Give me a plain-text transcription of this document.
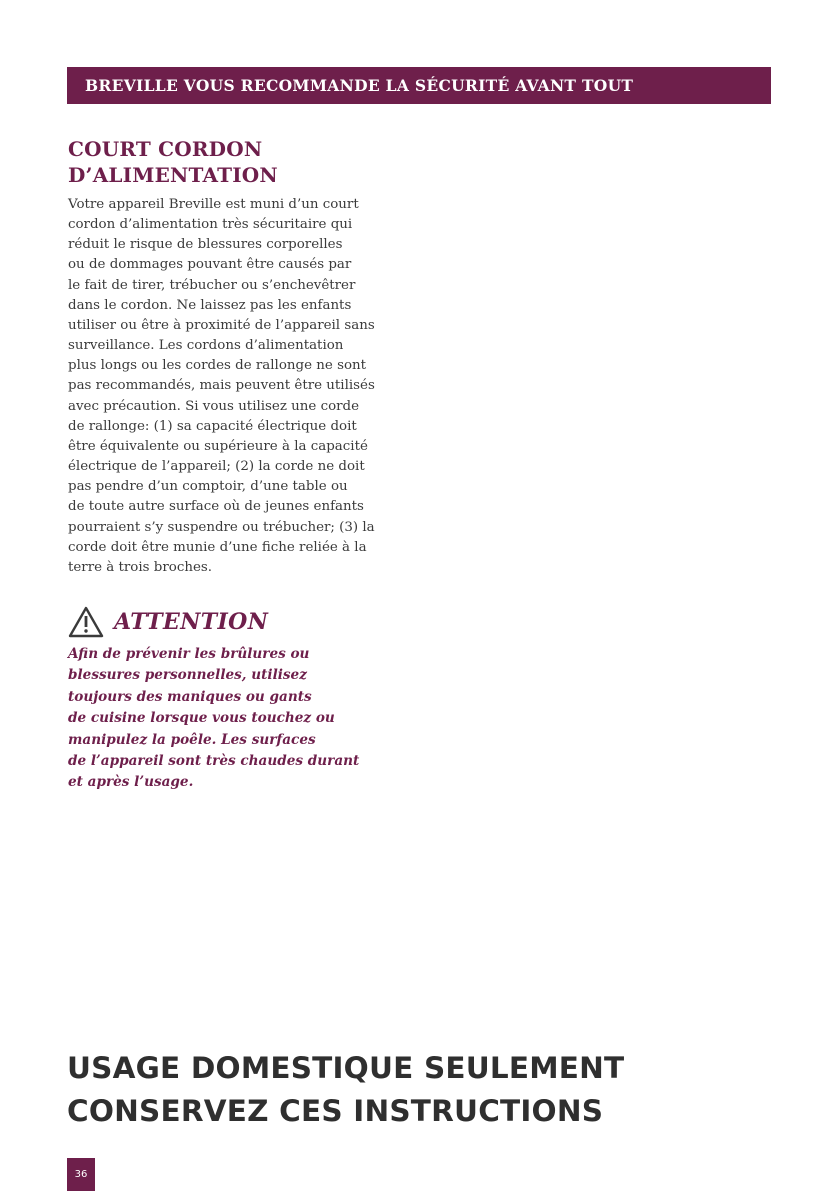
BREVILLE VOUS RECOMMANDE LA SÉCURITÉ AVANT TOUT
COURT CORDON
D’ALIMENTATION
Votre appareil Breville est muni d’un court
cordon d’alimentation très sécuritaire qui
réduit le risque de blessures corporelles
ou de dommages pouvant être causés par
le fait de tirer, trébucher ou s’enchevêtrer
dans le cordon. Ne laissez pas les enfants
utiliser ou être à proximité de l’appareil sans
surveillance. Les cordons d’alimentation
plus longs ou les cordes de rallonge ne sont
pas recommandés, mais peuvent être utilisés
avec précaution. Si vous utilisez une corde
de rallonge: (1) sa capacité électrique doit
être équivalente ou supérieure à la capacité
électrique de l’appareil; (2) la corde ne doit
pas pendre d’un comptoir, d’une table ou
de toute autre surface où de jeunes enfants
pourraient s’y suspendre ou trébucher; (3) la
corde doit être munie d’une fiche reliée à la
terre à trois broches.
ATTENTION
Afin de prévenir les brûlures ou
blessures personnelles, utilisez
toujours des maniques ou gants
de cuisine lorsque vous touchez ou
manipulez la poêle. Les surfaces
de l’appareil sont très chaudes durant
et après l’usage.
USAGE DOMESTIQUE SEULEMENT
CONSERVEZ CES INSTRUCTIONS
36
